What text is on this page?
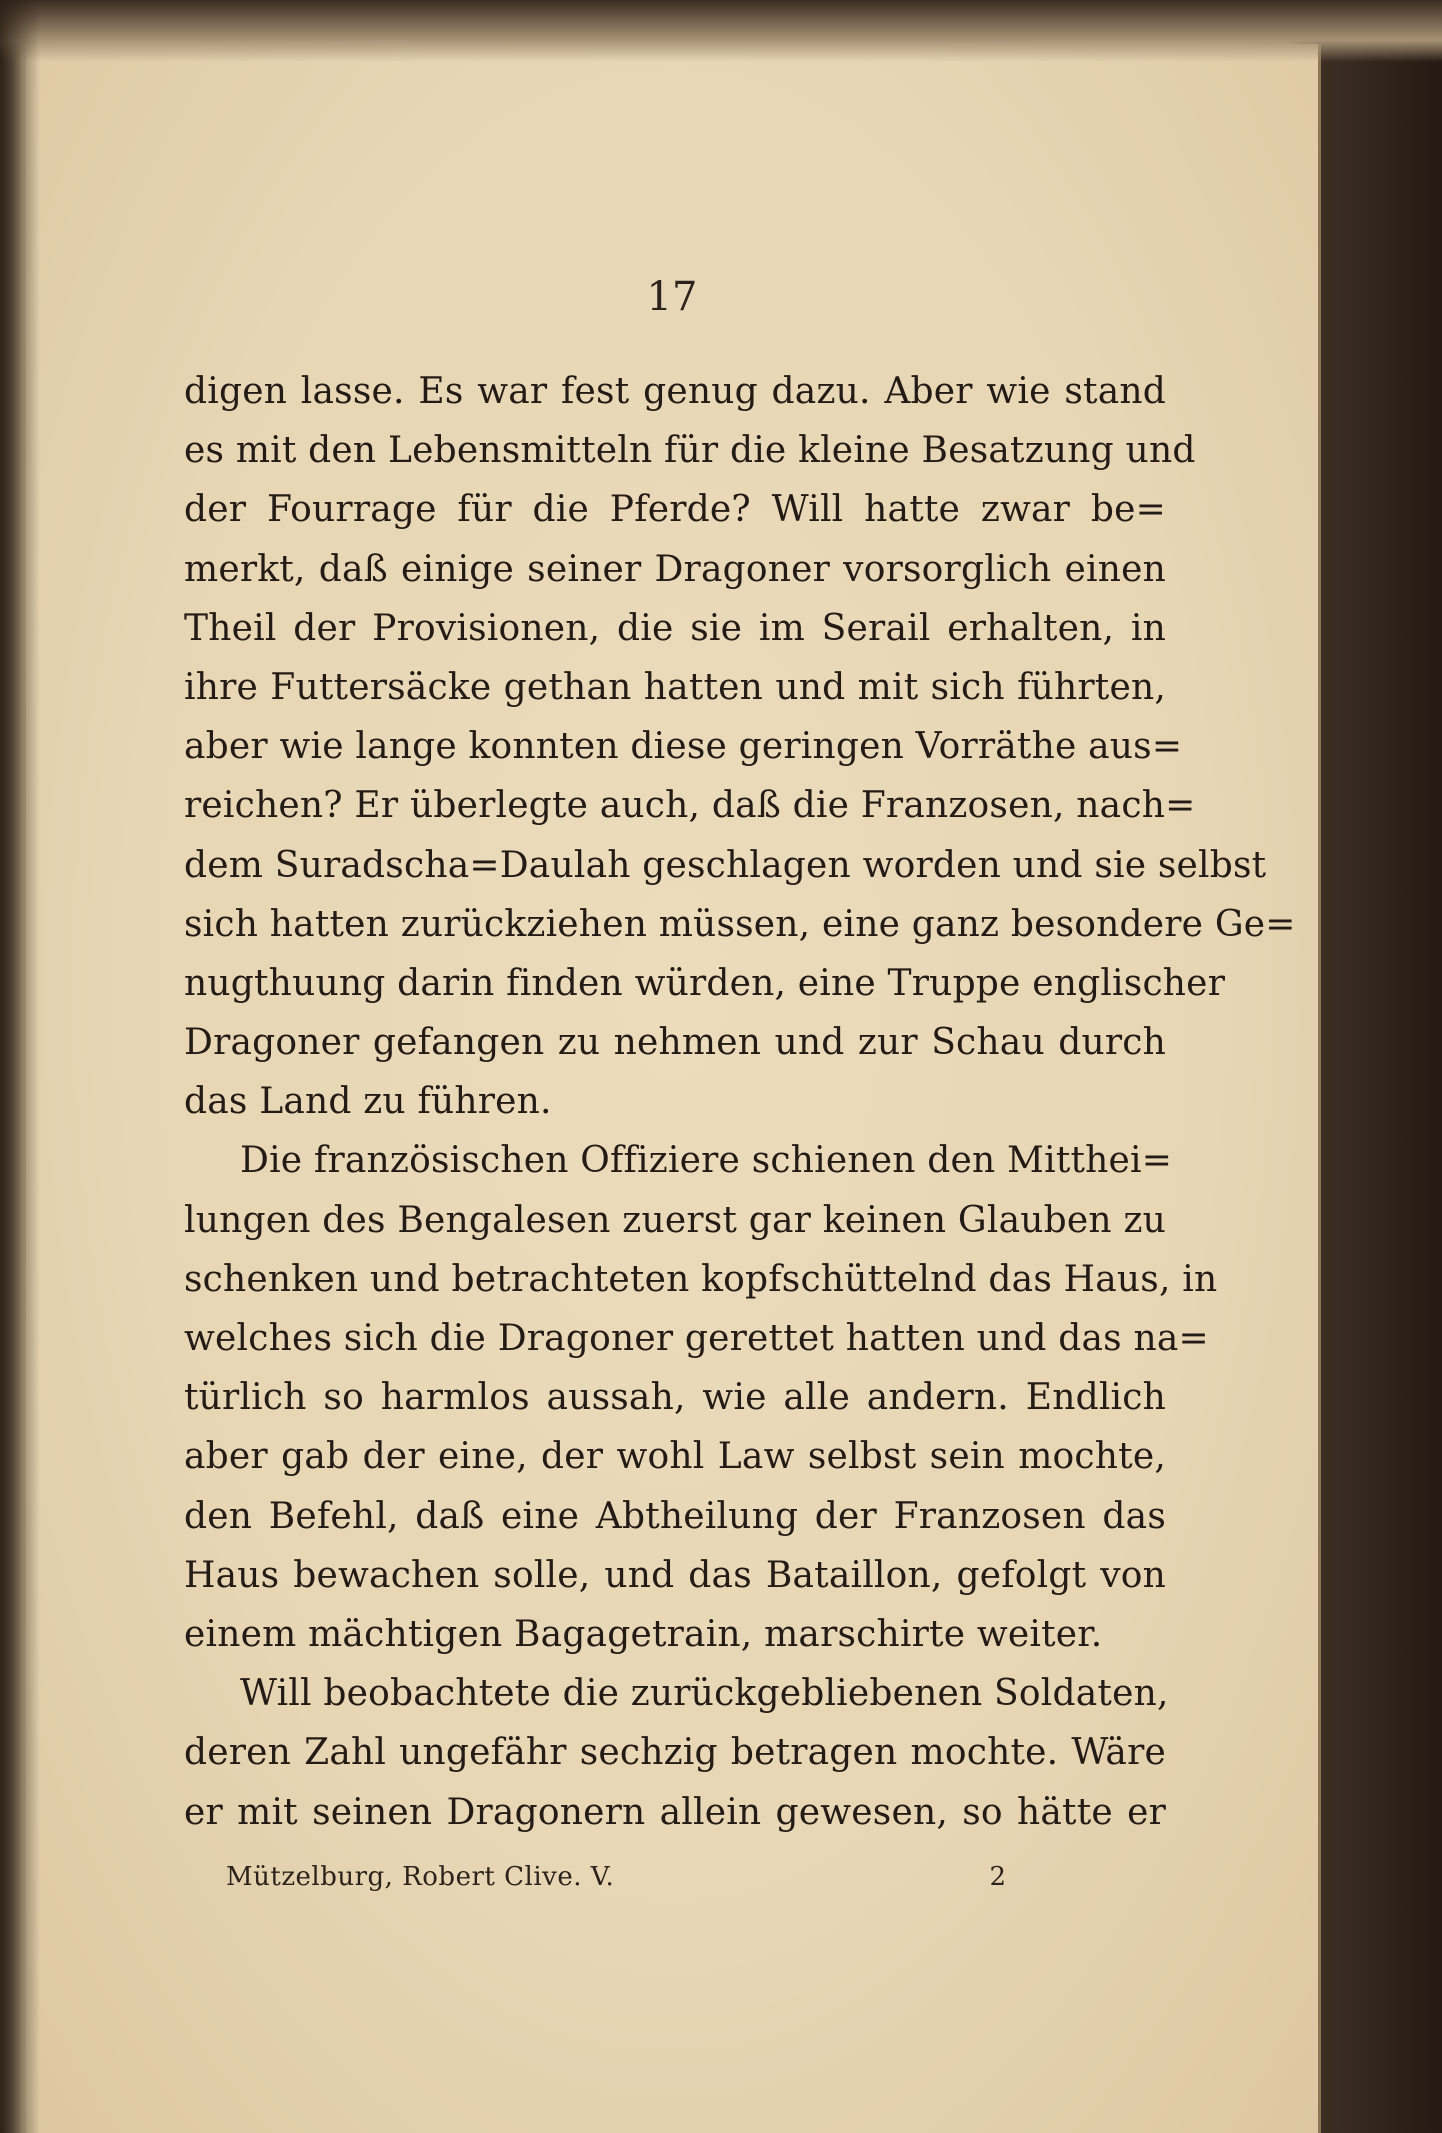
17
digen lasse. Es war fest genug dazu. Aber wie stand
es mit den Lebensmitteln für die kleine Besatzung und
der Fourrage für die Pferde? Will hatte zwar be=
merkt, daß einige seiner Dragoner vorsorglich einen
Theil der Provisionen, die sie im Serail erhalten, in
ihre Futtersäcke gethan hatten und mit sich führten,
aber wie lange konnten diese geringen Vorräthe aus=
reichen? Er überlegte auch, daß die Franzosen, nach=
dem Suradscha=Daulah geschlagen worden und sie selbst
sich hatten zurückziehen müssen, eine ganz besondere Ge=
nugthuung darin finden würden, eine Truppe englischer
Dragoner gefangen zu nehmen und zur Schau durch
das Land zu führen.
Die französischen Offiziere schienen den Mitthei=
lungen des Bengalesen zuerst gar keinen Glauben zu
schenken und betrachteten kopfschüttelnd das Haus, in
welches sich die Dragoner gerettet hatten und das na=
türlich so harmlos aussah, wie alle andern. Endlich
aber gab der eine, der wohl Law selbst sein mochte,
den Befehl, daß eine Abtheilung der Franzosen das
Haus bewachen solle, und das Bataillon, gefolgt von
einem mächtigen Bagagetrain, marschirte weiter.
Will beobachtete die zurückgebliebenen Soldaten,
deren Zahl ungefähr sechzig betragen mochte. Wäre
er mit seinen Dragonern allein gewesen, so hätte er
Mützelburg, Robert Clive. V.	2
